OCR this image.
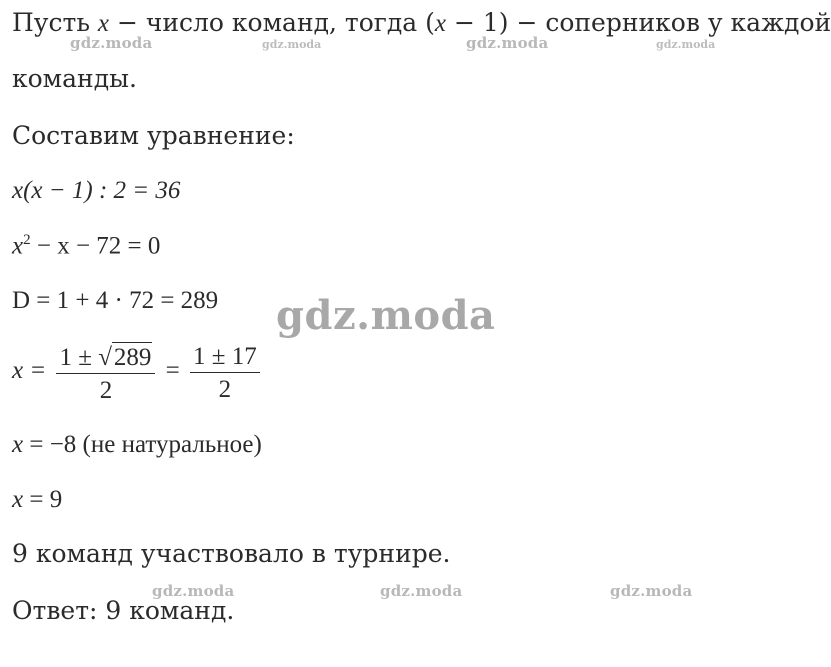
Пусть x − число команд, тогда (x − 1) − соперников у каждой
команды.
Составим уравнение:
x(x − 1) : 2 = 36
$x^2 - x - 72 = 0$
D = 1 + 4 · 72 = 289
$x = \frac{1 \pm √289}{2} = \frac{1 \pm 17}{2}$
x = −8 (не натуральное)
x = 9
9 команд участвовало в турнире.
Ответ: 9 команд.
gdz.moda	gdz.moda	gdz.moda	gdz.moda
gdz.moda
gdz.moda	gdz.moda	gdz.moda
